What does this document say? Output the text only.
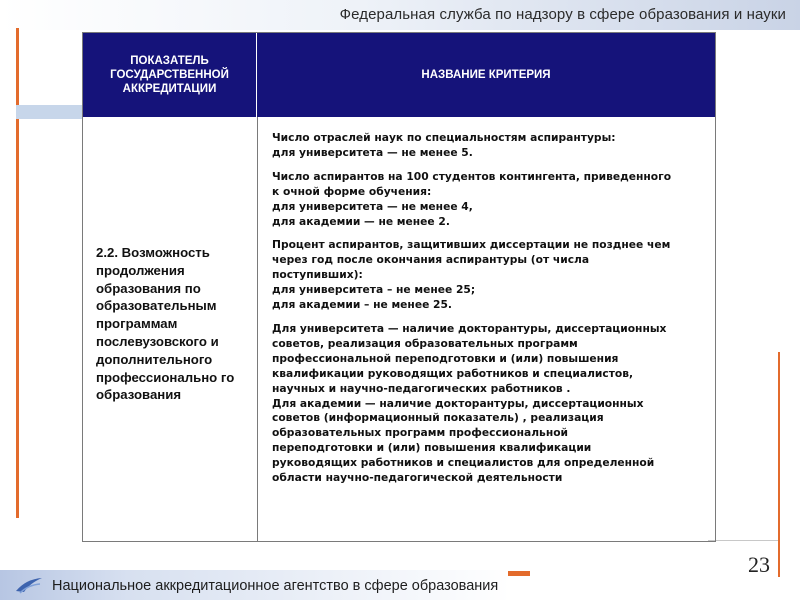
Федеральная служба по надзору в сфере образования и науки
ПОКАЗАТЕЛЬ ГОСУДАРСТВЕННОЙ АККРЕДИТАЦИИ
НАЗВАНИЕ КРИТЕРИЯ
2.2. Возможность продолжения образования по образовательным программам послевузовского и дополнительного профессионально го образования
Число отраслей наук по специальностям аспирантуры:
для университета — не менее 5.
Число аспирантов на 100 студентов контингента, приведенного
к очной форме обучения:
для университета — не менее 4,
для академии — не менее 2.
Процент аспирантов, защитивших диссертации не позднее чем
через год после окончания аспирантуры (от числа
поступивших):
для университета – не менее 25;
для академии – не менее 25.
Для университета — наличие докторантуры, диссертационных
советов, реализация образовательных программ
профессиональной переподготовки и (или) повышения
квалификации руководящих работников и специалистов,
научных и научно-педагогических работников .
Для академии — наличие докторантуры, диссертационных
советов (информационный показатель) , реализация
образовательных программ профессиональной
переподготовки и (или) повышения квалификации
руководящих работников и специалистов для определенной
области научно-педагогической деятельности
Национальное аккредитационное агентство в сфере образования
23
